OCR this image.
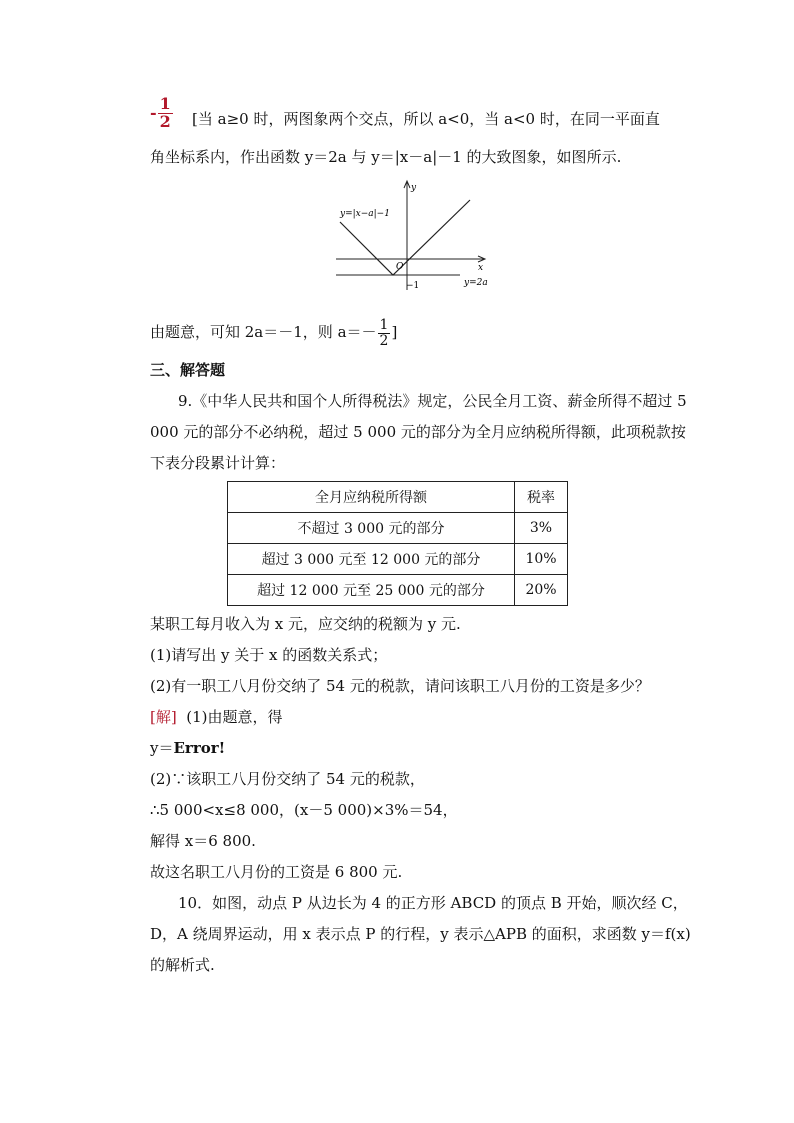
- $\frac{1}{2}$ [当 a≥0 时，两图象两个交点，所以 a<0，当 a<0 时，在同一平面直
角坐标系内，作出函数 y＝2a 与 y＝|x－a|－1 的大致图象，如图所示.
y=|x−a|−1
y
x
O
−1	y=2a
由题意，可知 2a＝－1，则 $a=- \frac{1}{2}$ ]
三、解答题
9.《中华人民共和国个人所得税法》规定，公民全月工资、薪金所得不超过 5
000 元的部分不必纳税，超过 5 000 元的部分为全月应纳税所得额，此项税款按
下表分段累计计算：
全月应纳税所得额	税率
不超过 3 000 元的部分	3%
超过 3 000 元至 12 000 元的部分	10%
超过 12 000 元至 25 000 元的部分	20%
某职工每月收入为 x 元，应交纳的税额为 y 元.
(1)请写出 y 关于 x 的函数关系式；
(2)有一职工八月份交纳了 54 元的税款，请问该职工八月份的工资是多少？
[解] (1)由题意，得
y＝Error!
(2)∵该职工八月份交纳了 54 元的税款，
∴5 000<x≤8 000，(x－5 000)×3%＝54，
解得 x＝6 800.
故这名职工八月份的工资是 6 800 元.
10．如图，动点 P 从边长为 4 的正方形 ABCD 的顶点 B 开始，顺次经 C，
D，A 绕周界运动，用 x 表示点 P 的行程，y 表示△APB 的面积，求函数 y＝f(x)
的解析式.
